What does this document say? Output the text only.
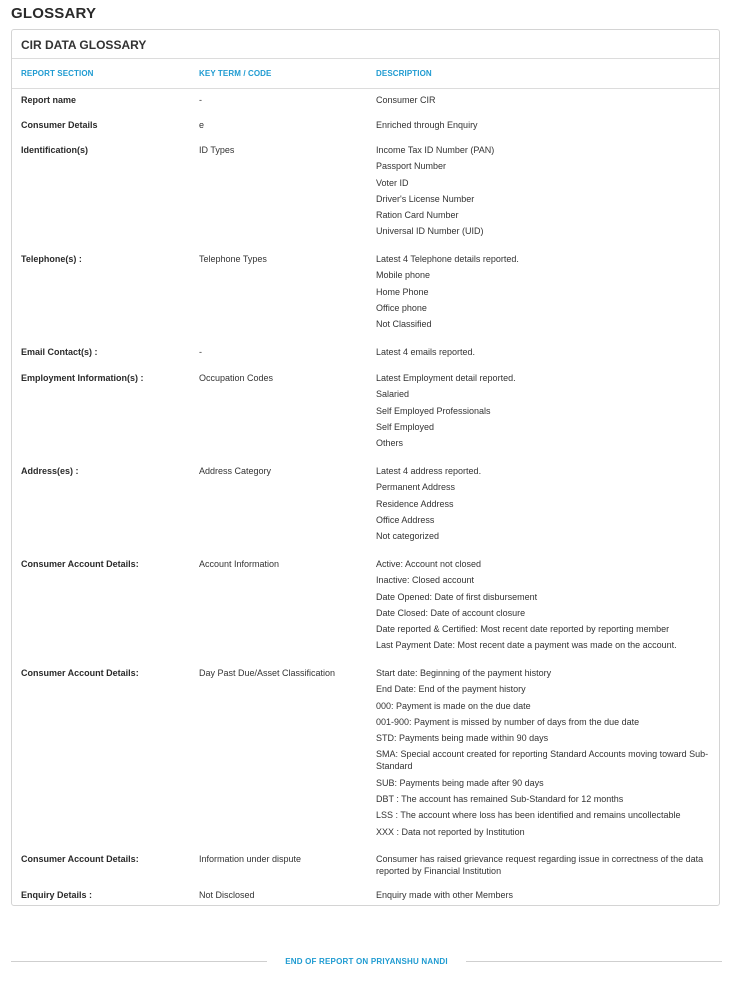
GLOSSARY
CIR DATA GLOSSARY
REPORT SECTION	KEY TERM / CODE	DESCRIPTION
Report name	-	Consumer CIR
Consumer Details	e	Enriched through Enquiry
Identification(s)	ID Types	Income Tax ID Number (PAN)
Passport Number
Voter ID
Driver's License Number
Ration Card Number
Universal ID Number (UID)
Telephone(s) :	Telephone Types	Latest 4 Telephone details reported.
Mobile phone
Home Phone
Office phone
Not Classified
Email Contact(s) :	-	Latest 4 emails reported.
Employment Information(s) :	Occupation Codes	Latest Employment detail reported.
Salaried
Self Employed Professionals
Self Employed
Others
Address(es) :	Address Category	Latest 4 address reported.
Permanent Address
Residence Address
Office Address
Not categorized
Consumer Account Details:	Account Information	Active: Account not closed
Inactive: Closed account
Date Opened: Date of first disbursement
Date Closed: Date of account closure
Date reported & Certified: Most recent date reported by reporting member
Last Payment Date: Most recent date a payment was made on the account.
Consumer Account Details:	Day Past Due/Asset Classification	Start date: Beginning of the payment history
End Date: End of the payment history
000: Payment is made on the due date
001-900: Payment is missed by number of days from the due date
STD: Payments being made within 90 days
SMA: Special account created for reporting Standard Accounts moving toward Sub-Standard
SUB: Payments being made after 90 days
DBT : The account has remained Sub-Standard for 12 months
LSS : The account where loss has been identified and remains uncollectable
XXX : Data not reported by Institution
Consumer Account Details:	Information under dispute	Consumer has raised grievance request regarding issue in correctness of the data reported by Financial Institution
Enquiry Details :	Not Disclosed	Enquiry made with other Members
END OF REPORT ON PRIYANSHU NANDI
